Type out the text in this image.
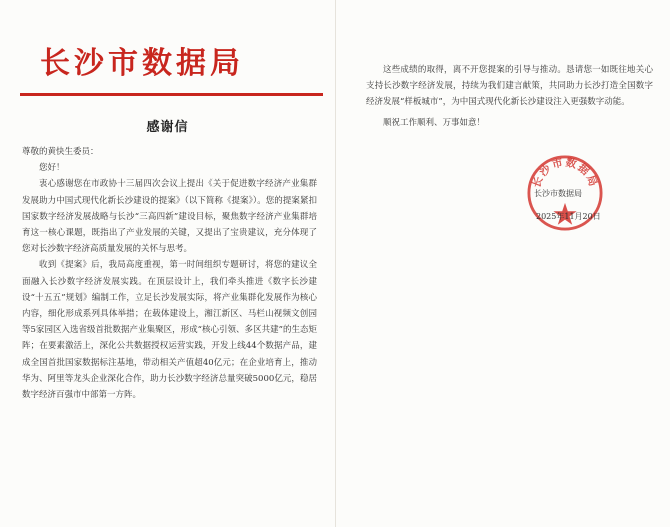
长沙市数据局
感谢信

尊敬的黄快生委员：

您好！

衷心感谢您在市政协十三届四次会议上提出《关于促进数字经济产业集群发展助力中国式现代化新长沙建设的提案》（以下简称《提案》）。您的提案紧扣国家数字经济发展战略与长沙“三高四新”建设目标，聚焦数字经济产业集群培育这一核心课题，既指出了产业发展的关键，又提出了宝贵建议，充分体现了您对长沙数字经济高质量发展的关怀与思考。

收到《提案》后，我局高度重视，第一时间组织专题研讨，将您的建议全面融入长沙数字经济发展实践。在顶层设计上，我们牵头推进《数字长沙建设“十五五”规划》编制工作，立足长沙发展实际，将产业集群化发展作为核心内容，细化形成系列具体举措；在载体建设上，湘江新区、马栏山视频文创园等5家园区入选省级首批数据产业集聚区，形成“核心引领、多区共建”的生态矩阵；在要素激活上，深化公共数据授权运营实践，开发上线44个数据产品，建成全国首批国家数据标注基地，带动相关产值超40亿元；在企业培育上，推动华为、阿里等龙头企业深化合作，助力长沙数字经济总量突破5000亿元，稳居数字经济百强市中部第一方阵。

这些成绩的取得，离不开您提案的引导与推动。恳请您一如既往地关心支持长沙数字经济发展，持续为我们建言献策，共同助力长沙打造全国数字经济发展“样板城市”，为中国式现代化新长沙建设注入更强数字动能。

顺祝工作顺利、万事如意！

长沙市数据局
长沙市数据局
2025年11月20日
